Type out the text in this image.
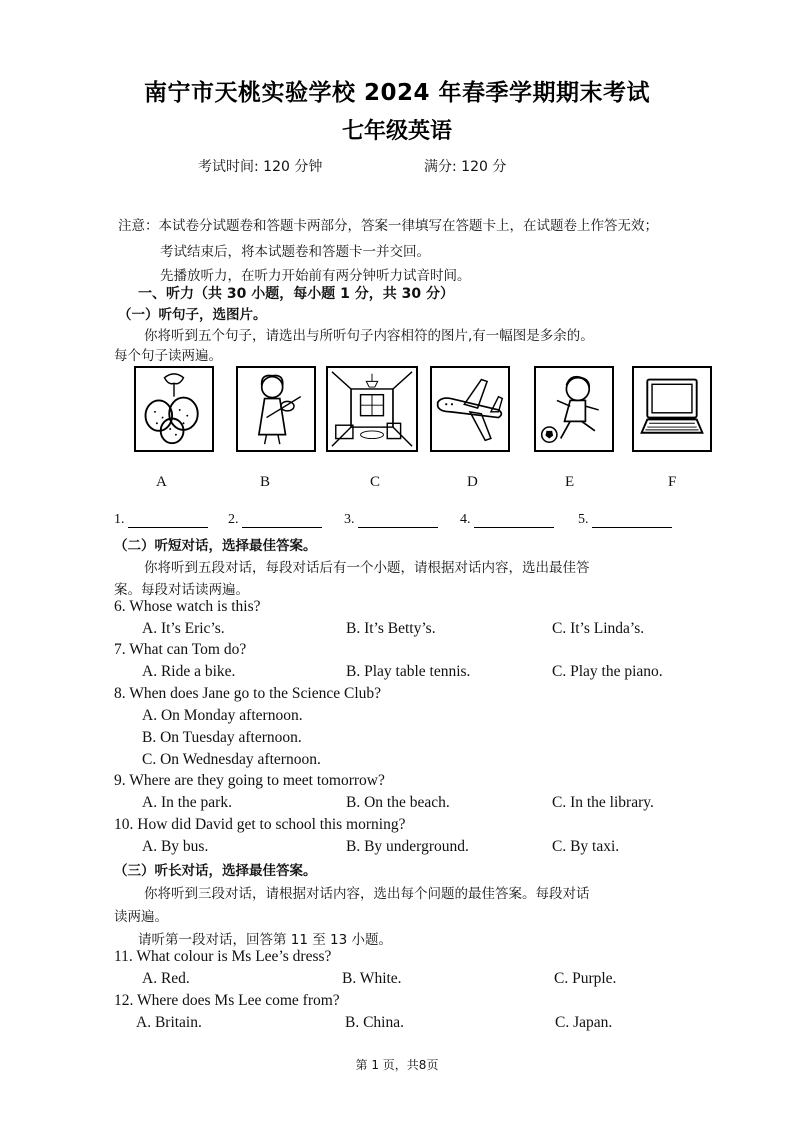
南宁市天桃实验学校 2024 年春季学期期末考试
七年级英语
考试时间: 120 分钟	满分: 120 分
注意：本试卷分试题卷和答题卡两部分，答案一律填写在答题卡上，在试题卷上作答无效；
考试结束后，将本试题卷和答题卡一并交回。
先播放听力，在听力开始前有两分钟听力试音时间。
一、听力（共 30 小题，每小题 1 分，共 30 分）
（一）听句子，选图片。
你将听到五个句子，请选出与所听句子内容相符的图片,有一幅图是多余的。
每个句子读两遍。
A	B	C	D	E	F
1.	2.	3.	4.	5.
（二）听短对话，选择最佳答案。
你将听到五段对话，每段对话后有一个小题，请根据对话内容，选出最佳答
案。每段对话读两遍。
6. Whose watch is this?
A. It’s Eric’s.	B. It’s Betty’s.	C. It’s Linda’s.
7. What can Tom do?
A. Ride a bike.	B. Play table tennis.	C. Play the piano.
8. When does Jane go to the Science Club?
A. On Monday afternoon.
B. On Tuesday afternoon.
C. On Wednesday afternoon.
9. Where are they going to meet tomorrow?
A. In the park.	B. On the beach.	C. In the library.
10. How did David get to school this morning?
A. By bus.	B. By underground.	C. By taxi.
（三）听长对话，选择最佳答案。
你将听到三段对话，请根据对话内容，选出每个问题的最佳答案。每段对话
读两遍。
请听第一段对话，回答第 11 至 13 小题。
11. What colour is Ms Lee’s dress?
A. Red.	B. White.	C. Purple.
12. Where does Ms Lee come from?
A. Britain.	B. China.	C. Japan.
第 1 页，共8页
